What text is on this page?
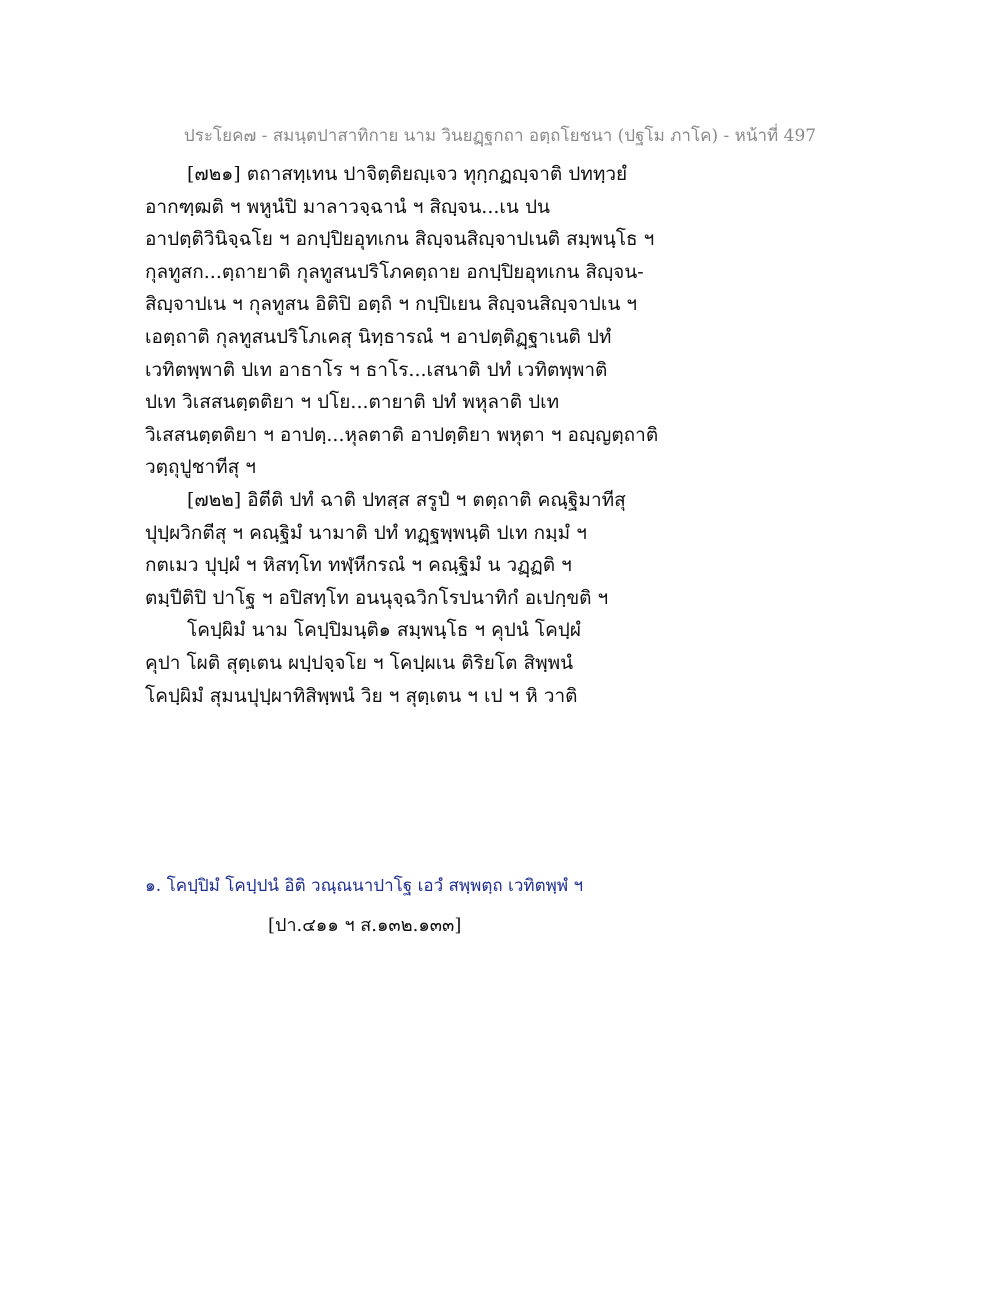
ประโยค๗ - สมนฺตปาสาทิกาย นาม วินยฏฺฐกถา อตฺถโยชนา (ปฐโม ภาโค) - หน้าที่ 497
[๗๒๑] ตถาสทฺเทน ปาจิตฺติยญฺเจว ทุกฺกฏญฺจาติ ปททฺวยํ
อากฑฺฒติ ฯ พหูนํปิ มาลาวจฺฉานํ ฯ สิญฺจน...เน ปน
อาปตฺติวินิจฺฉโย ฯ อกปฺปิยอุทเกน สิญฺจนสิญฺจาปเนติ สมฺพนฺโธ ฯ
กุลทูสก...ตฺถายาติ กุลทูสนปริโภคตฺถาย อกปฺปิยอุทเกน สิญฺจน-
สิญฺจาปเน ฯ กุลทูสน อิติปิ อตฺถิ ฯ กปฺปิเยน สิญฺจนสิญฺจาปเน ฯ
เอตฺถาติ กุลทูสนปริโภเคสุ นิทฺธารณํ ฯ อาปตฺติฏฺฐาเนติ ปทํ
เวทิตพฺพาติ ปเท อาธาโร ฯ ธาโร...เสนาติ ปทํ เวทิตพฺพาติ
ปเท วิเสสนตฺตติยา ฯ ปโย...ตายาติ ปทํ พหุลาติ ปเท
วิเสสนตฺตติยา ฯ อาปตฺ...หุลตาติ อาปตฺติยา พหุตา ฯ อญฺญตฺถาติ
วตฺถุปูชาทีสุ ฯ
[๗๒๒] อิตีติ ปทํ ฉาติ ปทสฺส สรูปํ ฯ ตตฺถาติ คณฺฐิมาทีสุ
ปุปฺผวิกตีสุ ฯ คณฺฐิมํ นามาติ ปทํ ทฏฺฐพฺพนฺติ ปเท กมฺมํ ฯ
กตเมว ปุปฺผํ ฯ หิสทฺโท ทฬฺหีกรณํ ฯ คณฺฐิมํ น วฏฺฏติ ฯ
ตมฺปีติปิ ปาโฐ ฯ อปิสทฺโท อนนุจฺฉวิกโรปนาทิกํ อเปกฺขติ ฯ
โคปฺผิมํ นาม โคปฺปิมนฺติ๑ สมฺพนฺโธ ฯ คุปนํ โคปฺผํ
คุปา โผติ สุตฺเตน ผปฺปจฺจโย ฯ โคปฺผเน ติริยโต สิพฺพนํ
โคปฺผิมํ สุมนปุปฺผาทิสิพฺพนํ วิย ฯ สุตฺเตน ฯ เป ฯ หิ วาติ
๑. โคปฺปิมํ โคปฺปนํ อิติ วณฺณนาปาโฐ เอวํ สพฺพตฺถ เวทิตพฺพํ ฯ
[ปา.๔๑๑ ฯ ส.๑๓๒.๑๓๓]
